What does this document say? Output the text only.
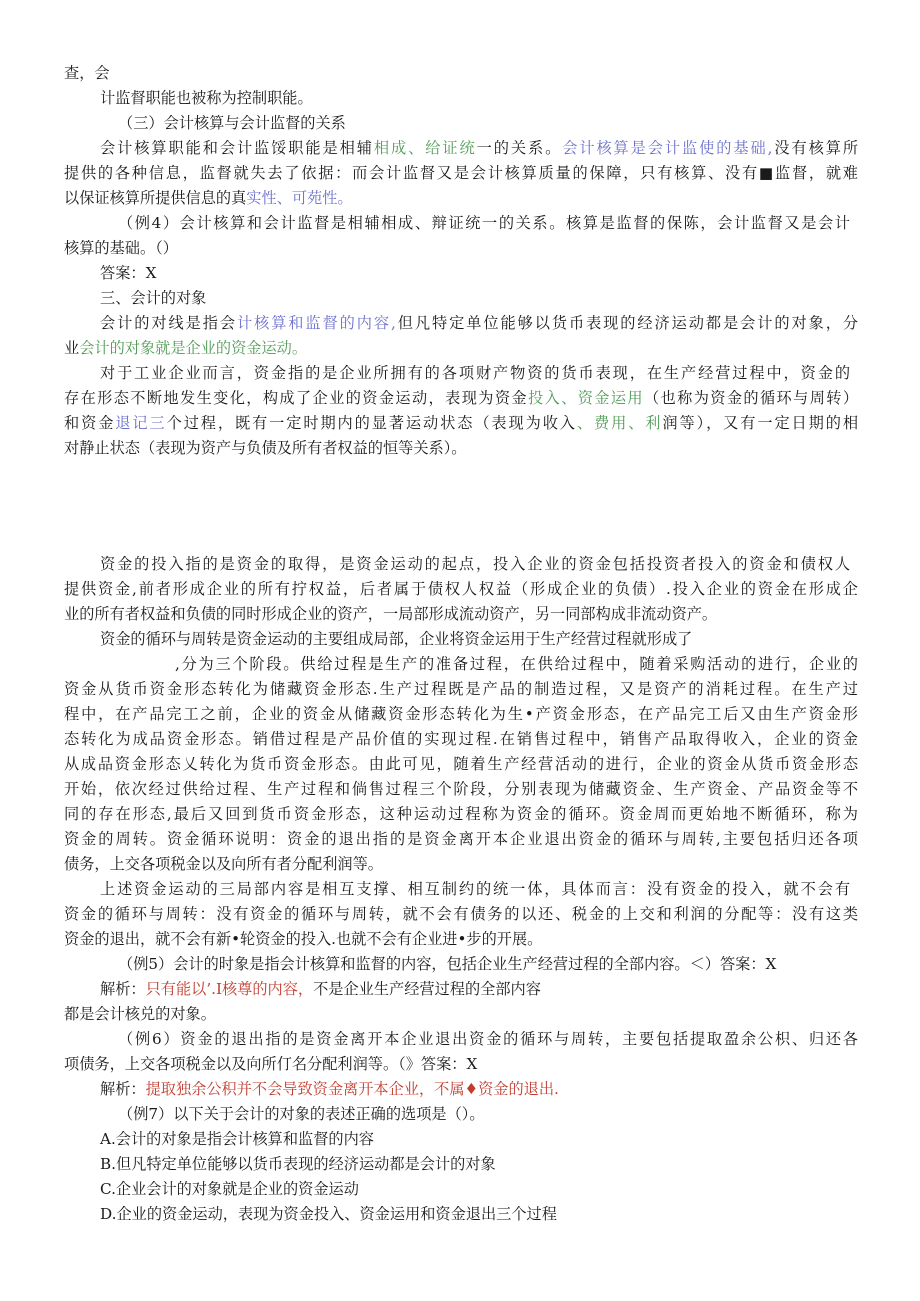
查，会
计监督职能也被称为控制职能。
（三）会计核算与会计监督的关系
会计核算职能和会计监馁职能是相辅相成、给证统一的关系。会计核算是会计监使的基础,没有核算所
提供的各种信息，监督就失去了依据：而会计监督又是会计核算质量的保障，只有核算、没有■监督，就难
以保证核算所提供信息的真实性、可苑性。
（例4）会计核算和会计监督是相辅相成、辩证统一的关系。核算是监督的保陈，会计监督又是会计
核算的基础。（）
答案：X
三、会计的对象
会计的对线是指会计核算和监督的内容,但凡特定单位能够以货币表现的经济运动都是会计的对象，分
业会计的对象就是企业的资金运动。
对于工业企业而言，资金指的是企业所拥有的各项财产物资的货币表现，在生产经营过程中，资金的
存在形态不断地发生变化，构成了企业的资金运动，表现为资金投入、资金运用（也称为资金的循环与周转）
和资金退记三个过程，既有一定时期内的显著运动状态（表现为收入、费用、利润等），又有一定日期的相
对静止状态（表现为资产与负债及所有者权益的恒等关系）。
资金的投入指的是资金的取得，是资金运动的起点，投入企业的资金包括投资者投入的资金和债权人
提供资金,前者形成企业的所有拧权益，后者属于债权人权益（形成企业的负债）.投入企业的资金在形成企
业的所有者权益和负债的同时形成企业的资产，一局部形成流动资产，另一同部构成非流动资产。
资金的循环与周转是资金运动的主要组成局部，企业将资金运用于生产经营过程就形成了
,分为三个阶段。供给过程是生产的准备过程，在供给过程中，随着采购活动的进行，企业的
资金从货币资金形态转化为储藏资金形态.生产过程既是产品的制造过程，又是资产的消耗过程。在生产过
程中，在产品完工之前，企业的资金从储藏资金形态转化为生•产资金形态，在产品完工后又由生产资金形
态转化为成品资金形态。销借过程是产品价值的实现过程.在销售过程中，销售产品取得收入，企业的资金
从成品资金形态乂转化为货币资金形态。由此可见，随着生产经营活动的进行，企业的资金从货币资金形态
开始，依次经过供给过程、生产过程和倘售过程三个阶段，分别表现为储藏资金、生产资金、产品资金等不
同的存在形态,最后又回到货币资金形态，这种运动过程称为资金的循环。资金周而更始地不断循环，称为
资金的周转。资金循环说明：资金的退出指的是资金离开本企业退出资金的循环与周转,主要包括归还各项
债务，上交各项税金以及向所有者分配利润等。
上述资金运动的三局部内容是相互支撑、相互制约的统一体，具体而言：没有资金的投入，就不会有
资金的循环与周转：没有资金的循环与周转，就不会有债务的以还、税金的上交和利润的分配等：没有这类
资金的退出，就不会有新•轮资金的投入.也就不会有企业进•步的开展。
（例5）会计的时象是指会计核算和监督的内容，包括企业生产经营过程的全部内容。＜）答案：X
解析：只有能以’.I核尊的内容，不是企业生产经营过程的全部内容
都是会计核兑的对象。
（例6）资金的退出指的是资金离开本企业退出资金的循环与周转，主要包括提取盈余公枳、归还各
项债务，上交各项税金以及向所仃名分配利润等。（》答案：X
解析：提取独余公积并不会导致资金离开本企业，不属♦资金的退出.
（例7）以下关于会计的对象的表述正确的选项是（）。
A.会计的对象是指会计核算和监督的内容
B.但凡特定单位能够以货币表现的经济运动都是会计的对象
C.企业会计的对象就是企业的资金运动
D.企业的资金运动，表现为资金投入、资金运用和资金退出三个过程
